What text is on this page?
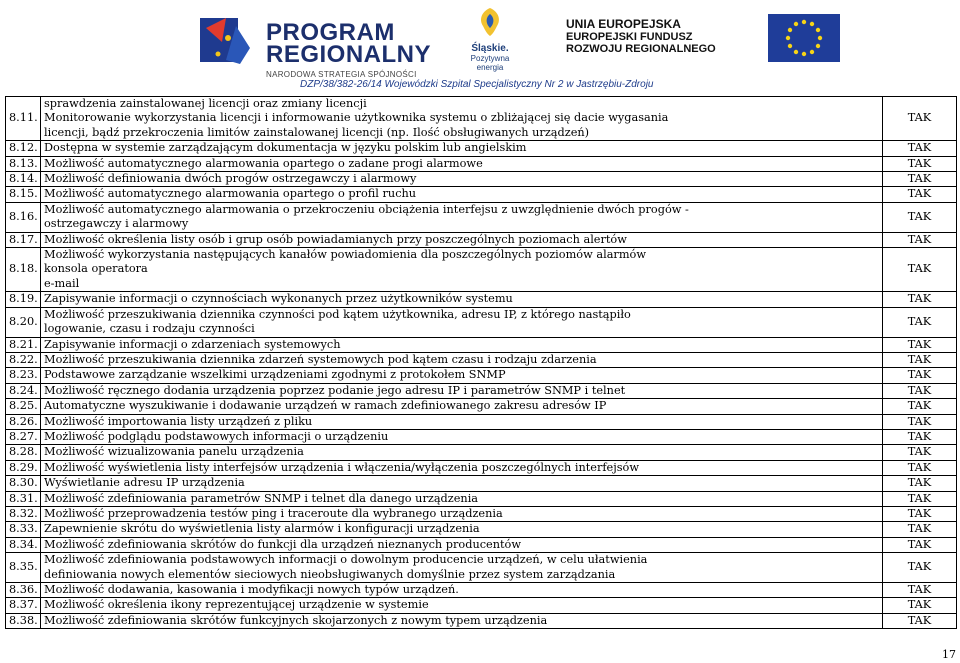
PROGRAM
REGIONALNY
NARODOWA STRATEGIA SPÓJNOŚCI
Śląskie.
Pozytywna energia
UNIA EUROPEJSKA
EUROPEJSKI FUNDUSZ
ROZWOJU REGIONALNEGO
DZP/38/382-26/14 Wojewódzki Szpital Specjalistyczny Nr 2 w Jastrzębiu-Zdroju
8.11.	sprawdzenia zainstalowanej licencji oraz zmiany licencji
Monitorowanie wykorzystania licencji i informowanie użytkownika systemu o zbliżającej się dacie wygasania
licencji, bądź przekroczenia limitów zainstalowanej licencji (np. Ilość obsługiwanych urządzeń)	TAK
8.12.	Dostępna w systemie zarządzającym dokumentacja w języku polskim lub angielskim	TAK
8.13.	Możliwość automatycznego alarmowania opartego o zadane progi alarmowe	TAK
8.14.	Możliwość definiowania dwóch progów ostrzegawczy i alarmowy	TAK
8.15.	Możliwość automatycznego alarmowania opartego o profil ruchu	TAK
8.16.	Możliwość automatycznego alarmowania o przekroczeniu obciążenia interfejsu z uwzględnienie dwóch progów -
ostrzegawczy i alarmowy	TAK
8.17.	Możliwość określenia listy osób i grup osób powiadamianych przy poszczególnych poziomach alertów	TAK
8.18.	Możliwość wykorzystania następujących kanałów powiadomienia dla poszczególnych poziomów alarmów
konsola operatora
e-mail	TAK
8.19.	Zapisywanie informacji o czynnościach wykonanych przez użytkowników systemu	TAK
8.20.	Możliwość przeszukiwania dziennika czynności pod kątem użytkownika, adresu IP, z którego nastąpiło
logowanie, czasu i rodzaju czynności	TAK
8.21.	Zapisywanie informacji o zdarzeniach systemowych	TAK
8.22.	Możliwość przeszukiwania dziennika zdarzeń systemowych pod kątem czasu i rodzaju zdarzenia	TAK
8.23.	Podstawowe zarządzanie wszelkimi urządzeniami zgodnymi z protokołem SNMP	TAK
8.24.	Możliwość ręcznego dodania urządzenia poprzez podanie jego adresu IP i parametrów SNMP i telnet	TAK
8.25.	Automatyczne wyszukiwanie i dodawanie urządzeń w ramach zdefiniowanego zakresu adresów IP	TAK
8.26.	Możliwość importowania listy urządzeń z pliku	TAK
8.27.	Możliwość podglądu podstawowych informacji o urządzeniu	TAK
8.28.	Możliwość wizualizowania panelu urządzenia	TAK
8.29.	Możliwość wyświetlenia listy interfejsów urządzenia i włączenia/wyłączenia poszczególnych interfejsów	TAK
8.30.	Wyświetlanie adresu IP urządzenia	TAK
8.31.	Możliwość zdefiniowania parametrów SNMP i telnet dla danego urządzenia	TAK
8.32.	Możliwość przeprowadzenia testów ping i traceroute dla wybranego urządzenia	TAK
8.33.	Zapewnienie skrótu do wyświetlenia listy alarmów i konfiguracji urządzenia	TAK
8.34.	Możliwość zdefiniowania skrótów do funkcji dla urządzeń nieznanych producentów	TAK
8.35.	Możliwość zdefiniowania podstawowych informacji o dowolnym producencie urządzeń, w celu ułatwienia
definiowania nowych elementów sieciowych nieobsługiwanych domyślnie przez system zarządzania	TAK
8.36.	Możliwość dodawania, kasowania i modyfikacji nowych typów urządzeń.	TAK
8.37.	Możliwość określenia ikony reprezentującej urządzenie w systemie	TAK
8.38.	Możliwość zdefiniowania skrótów funkcyjnych skojarzonych z nowym typem urządzenia	TAK
17
